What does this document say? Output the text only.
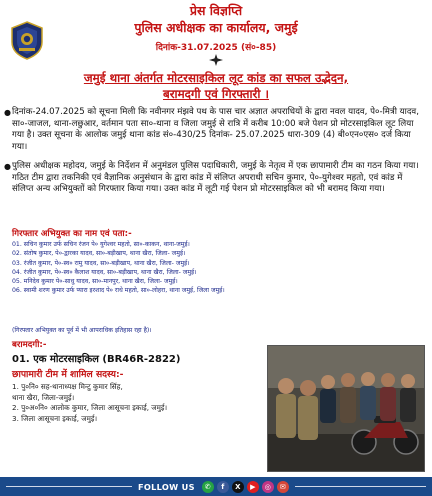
प्रेस विज्ञप्ति
पुलिस अधीक्षक का कार्यालय, जमुई
दिनांक-31.07.2025 (सं०-85)
जमुई थाना अंतर्गत मोटरसाइकिल लूट कांड का सफल उद्भेदन,
बरामदगी एवं गिरफ्तारी ।
● दिनांक-24.07.2025 को सूचना मिली कि नवीनगर मंझवे पथ के पास चार अज्ञात अपराधियों के द्वारा नवल यादव, पे०-मित्री यादव, सा०-जाजल, थाना-लछुआर, वर्तमान पता सा०-थाना व जिला जमुई से रात्रि में करीब 10:00 बजे पेशन प्रो मोटरसाइकिल लूट लिया गया है। उक्त सूचना के आलोक जमुई थाना कांड सं०-430/25 दिनांक- 25.07.2025 धारा-309 (4) बी०एन०एस० दर्ज किया गया।
● पुलिस अधीक्षक महोदय, जमुई के निर्देशन में अनुमंडल पुलिस पदाधिकारी, जमुई के नेतृत्व में एक छापामारी टीम का गठन किया गया। गठित टीम द्वारा तकनिकी एवं वैज्ञानिक अनुसंधान के द्वारा कांड में संलिप्त अपराधी सचिन कुमार, पे०-युगेश्वर महतो, एवं कांड में संलिप्त अन्य अभियुक्तों को गिरफ्तार किया गया। उक्त कांड में लूटी गई पेशन प्रो मोटरसाइकिल को भी बरामद किया गया।
गिरफ्तार अभियुक्त का नाम एवं पता:-
01. सचिन कुमार उर्फ सचिन रंजन पे० युगेश्वर महतो, सा०-काकन, थाना-जमुई।
02. संतोष कुमार, पे०-द्वारका यादव, सा०-बड़ीखाप, थाना खैरा, जिला- जमुई।
03. रंजीत कुमार, पे०-स्व० रामु यादव, सा०-बड़ीखाप, थाना खैरा, जिला- जमुई।
04. रंजीत कुमार, पे०-स्व० कैलाश यादव, सा०-बड़ीखाप, थाना खैरा, जिला- जमुई।
05. मनिदेव कुमार पे०-साधु यादव, सा०-मानपुर, थाना खैरा, जिला- जमुई।
06. स्वामी शरण कुमार उर्फ प्यारा इरशाद पे० राधे महतो, सा०-लोहरा, थाना जमुई, जिला जमुई।
(गिरफ्तार अभियुक्त का पूर्व में भी आपराधिक इतिहास रहा है)।
बरामदगी:-
01. एक मोटरसाइकिल (BR46R-2822)
छापामारी टीम में शामिल सदस्य:-
1. पु०नि० सह-थानाध्यक्ष मिन्टु कुमार सिंह,
थाना खैरा, जिला-जमुई।
2. पु०अ०नि० आलोक कुमार, जिला आसूचना इकाई, जमुई।
3. जिला आसूचना इकाई, जमुई।
FOLLOW US	✆	f	X	▶	◎	✉
